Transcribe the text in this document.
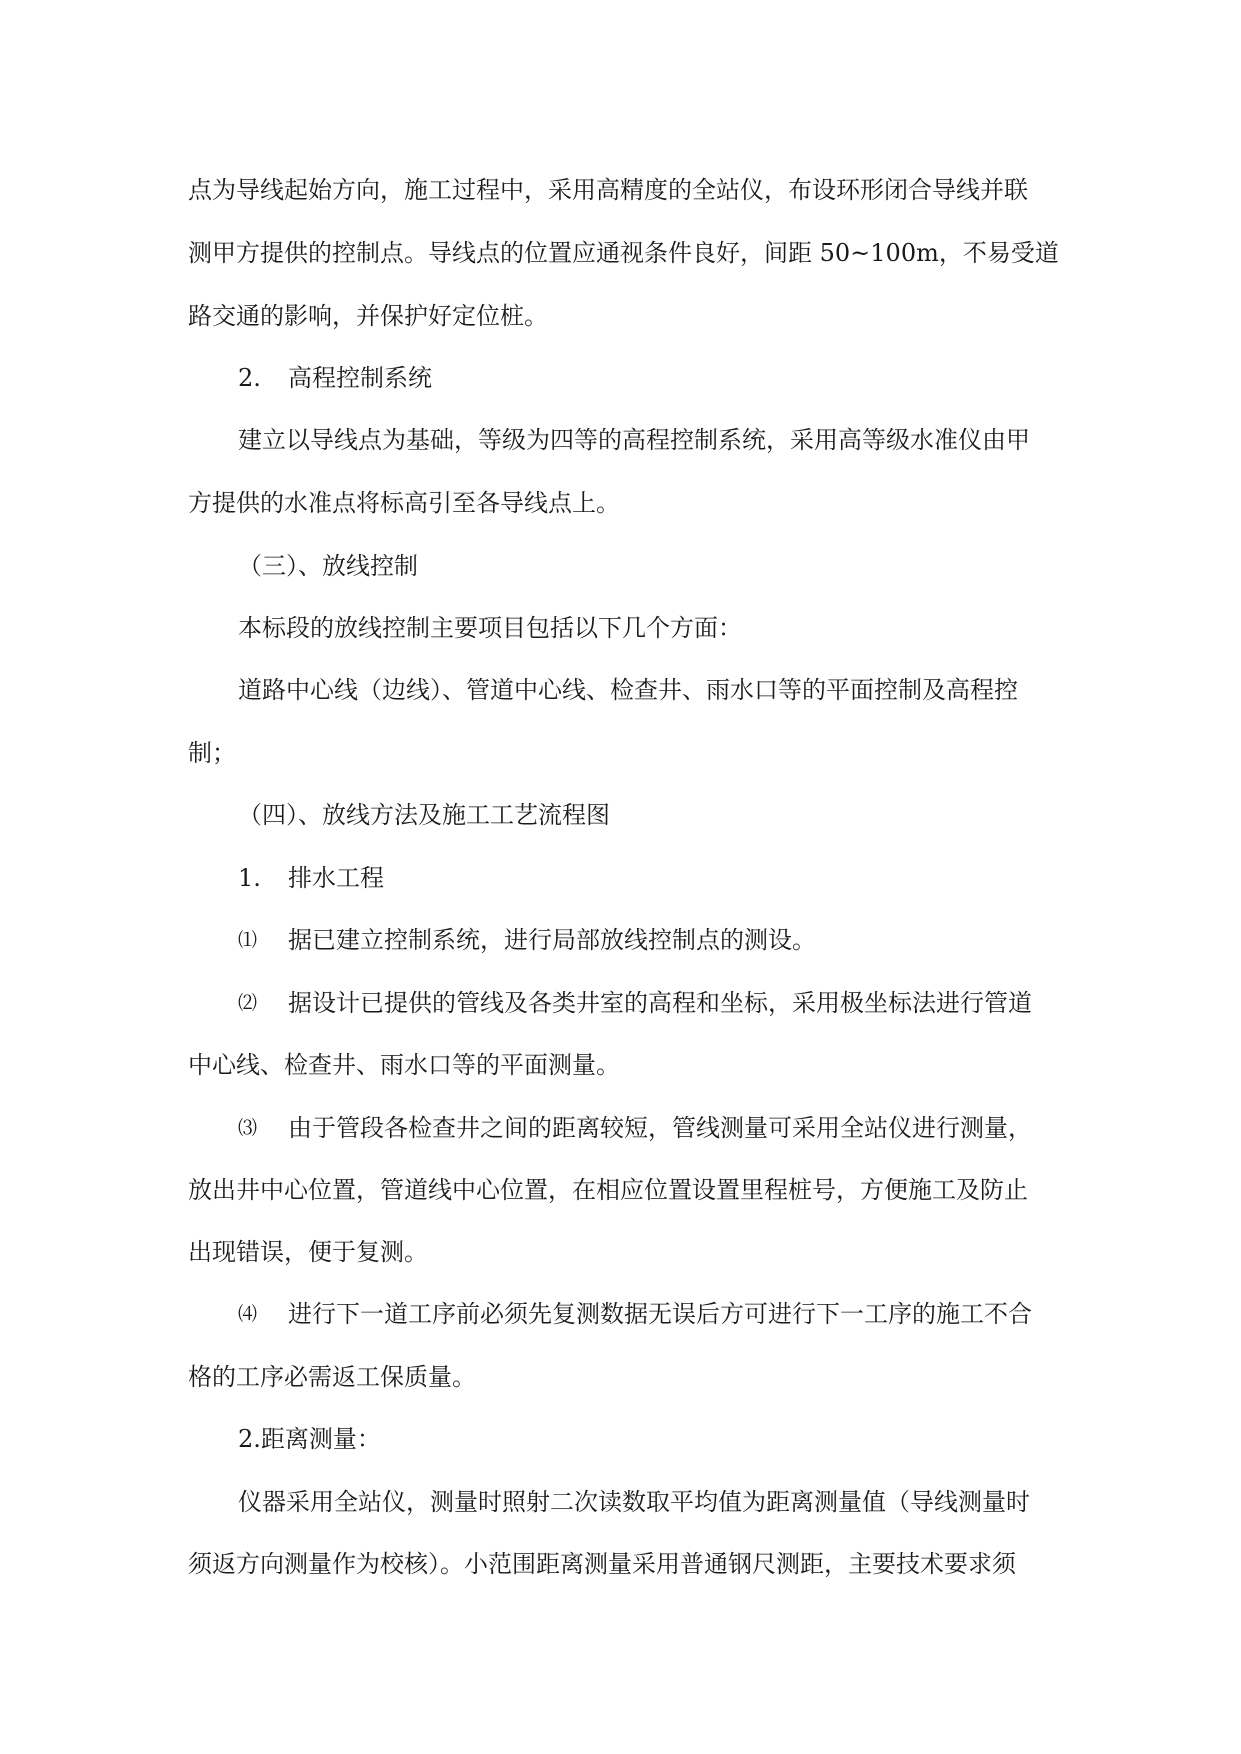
点为导线起始方向，施工过程中，采用高精度的全站仪，布设环形闭合导线并联
测甲方提供的控制点。导线点的位置应通视条件良好，间距 50~100m，不易受道
路交通的影响，并保护好定位桩。
2. 高程控制系统
建立以导线点为基础，等级为四等的高程控制系统，采用高等级水准仪由甲
方提供的水准点将标高引至各导线点上。
（三）、放线控制
本标段的放线控制主要项目包括以下几个方面：
道路中心线（边线）、管道中心线、检查井、雨水口等的平面控制及高程控
制；
（四）、放线方法及施工工艺流程图
1. 排水工程
⑴ 据已建立控制系统，进行局部放线控制点的测设。
⑵ 据设计已提供的管线及各类井室的高程和坐标，采用极坐标法进行管道
中心线、检查井、雨水口等的平面测量。
⑶ 由于管段各检查井之间的距离较短，管线测量可采用全站仪进行测量，
放出井中心位置，管道线中心位置，在相应位置设置里程桩号，方便施工及防止
出现错误，便于复测。
⑷ 进行下一道工序前必须先复测数据无误后方可进行下一工序的施工不合
格的工序必需返工保质量。
2.距离测量：
仪器采用全站仪，测量时照射二次读数取平均值为距离测量值（导线测量时
须返方向测量作为校核）。小范围距离测量采用普通钢尺测距，主要技术要求须
